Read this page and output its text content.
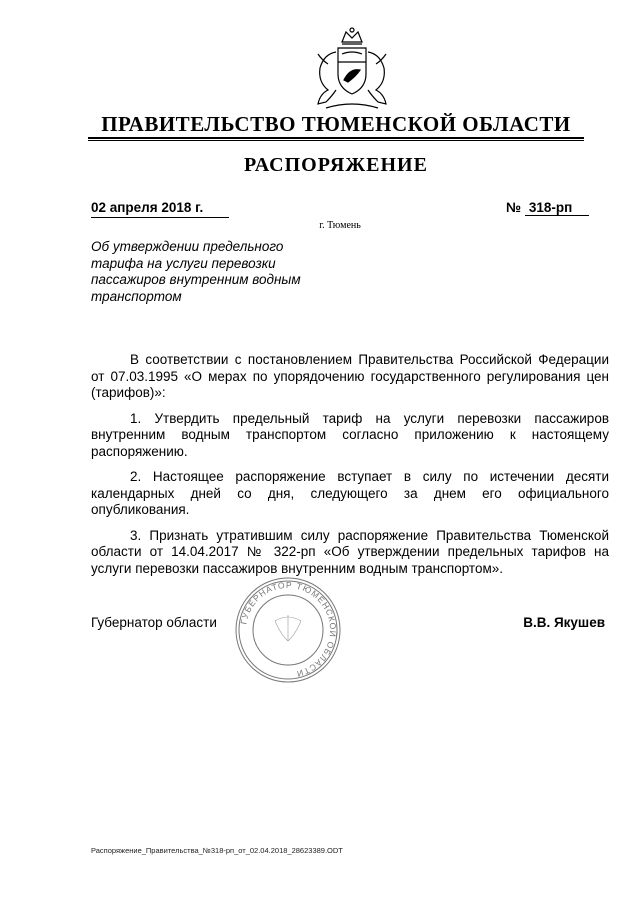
ПРАВИТЕЛЬСТВО ТЮМЕНСКОЙ ОБЛАСТИ
РАСПОРЯЖЕНИЕ
02 апреля 2018 г.	№ 318-рп
г. Тюмень
Об утверждении предельного
тарифа на услуги перевозки
пассажиров внутренним водным
транспортом

В соответствии с постановлением Правительства Российской Федерации от 07.03.1995 «О мерах по упорядочению государственного регулирования цен (тарифов)»:

1. Утвердить предельный тариф на услуги перевозки пассажиров внутренним водным транспортом согласно приложению к настоящему распоряжению.

2. Настоящее распоряжение вступает в силу по истечении десяти календарных дней со дня, следующего за днем его официального опубликования.

3. Признать утратившим силу распоряжение Правительства Тюменской области от 14.04.2017 № 322-рп «Об утверждении предельных тарифов на услуги перевозки пассажиров внутренним водным транспортом».

ГУБЕРНАТОР ТЮМЕНСКОЙ ОБЛАСТИ
Губернатор области	В.В. Якушев
Распоряжение_Правительства_№318-рп_от_02.04.2018_28623389.ODT
